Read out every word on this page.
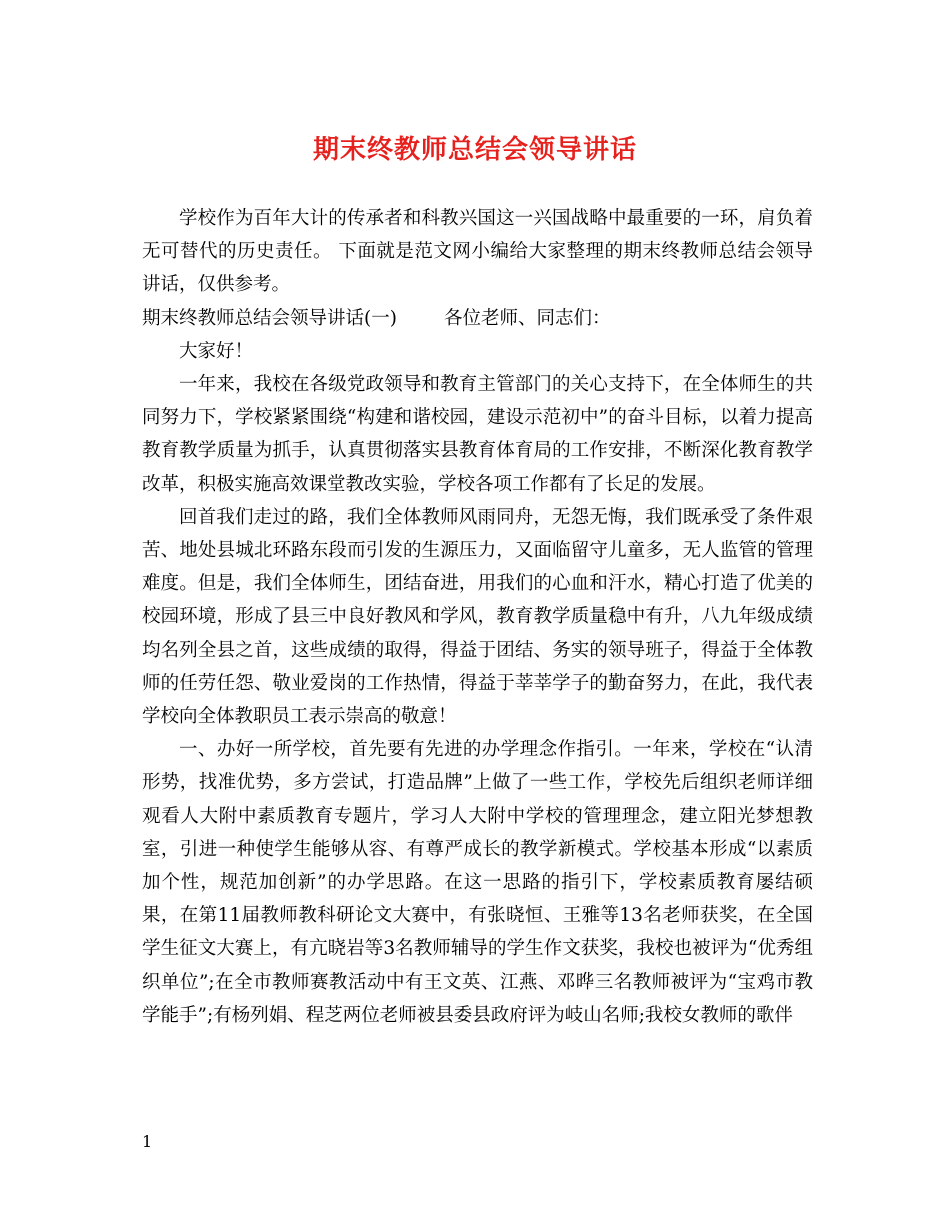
期末终教师总结会领导讲话

学校作为百年大计的传承者和科教兴国这一兴国战略中最重要的一环，肩负着无可替代的历史责任。 下面就是范文网小编给大家整理的期末终教师总结会领导讲话，仅供参考。

期末终教师总结会领导讲话(一)        各位老师、同志们：

大家好！

一年来，我校在各级党政领导和教育主管部门的关心支持下，在全体师生的共同努力下，学校紧紧围绕“构建和谐校园，建设示范初中”的奋斗目标，以着力提高教育教学质量为抓手，认真贯彻落实县教育体育局的工作安排，不断深化教育教学改革，积极实施高效课堂教改实验，学校各项工作都有了长足的发展。

回首我们走过的路，我们全体教师风雨同舟，无怨无悔，我们既承受了条件艰苦、地处县城北环路东段而引发的生源压力，又面临留守儿童多，无人监管的管理难度。但是，我们全体师生，团结奋进，用我们的心血和汗水，精心打造了优美的校园环境，形成了县三中良好教风和学风，教育教学质量稳中有升，八九年级成绩均名列全县之首，这些成绩的取得，得益于团结、务实的领导班子，得益于全体教师的任劳任怨、敬业爱岗的工作热情，得益于莘莘学子的勤奋努力，在此，我代表学校向全体教职员工表示崇高的敬意！

一、办好一所学校，首先要有先进的办学理念作指引。一年来，学校在“认清形势，找准优势，多方尝试，打造品牌”上做了一些工作，学校先后组织老师详细观看人大附中素质教育专题片，学习人大附中学校的管理理念，建立阳光梦想教室，引进一种使学生能够从容、有尊严成长的教学新模式。学校基本形成“以素质加个性，规范加创新”的办学思路。在这一思路的指引下，学校素质教育屡结硕果，在第11届教师教科研论文大赛中，有张晓恒、王雅等13名老师获奖，在全国学生征文大赛上，有亢晓岩等3名教师辅导的学生作文获奖，我校也被评为“优秀组织单位”;在全市教师赛教活动中有王文英、江燕、邓晔三名教师被评为“宝鸡市教学能手”;有杨列娟、程芝两位老师被县委县政府评为岐山名师;我校女教师的歌伴

1
